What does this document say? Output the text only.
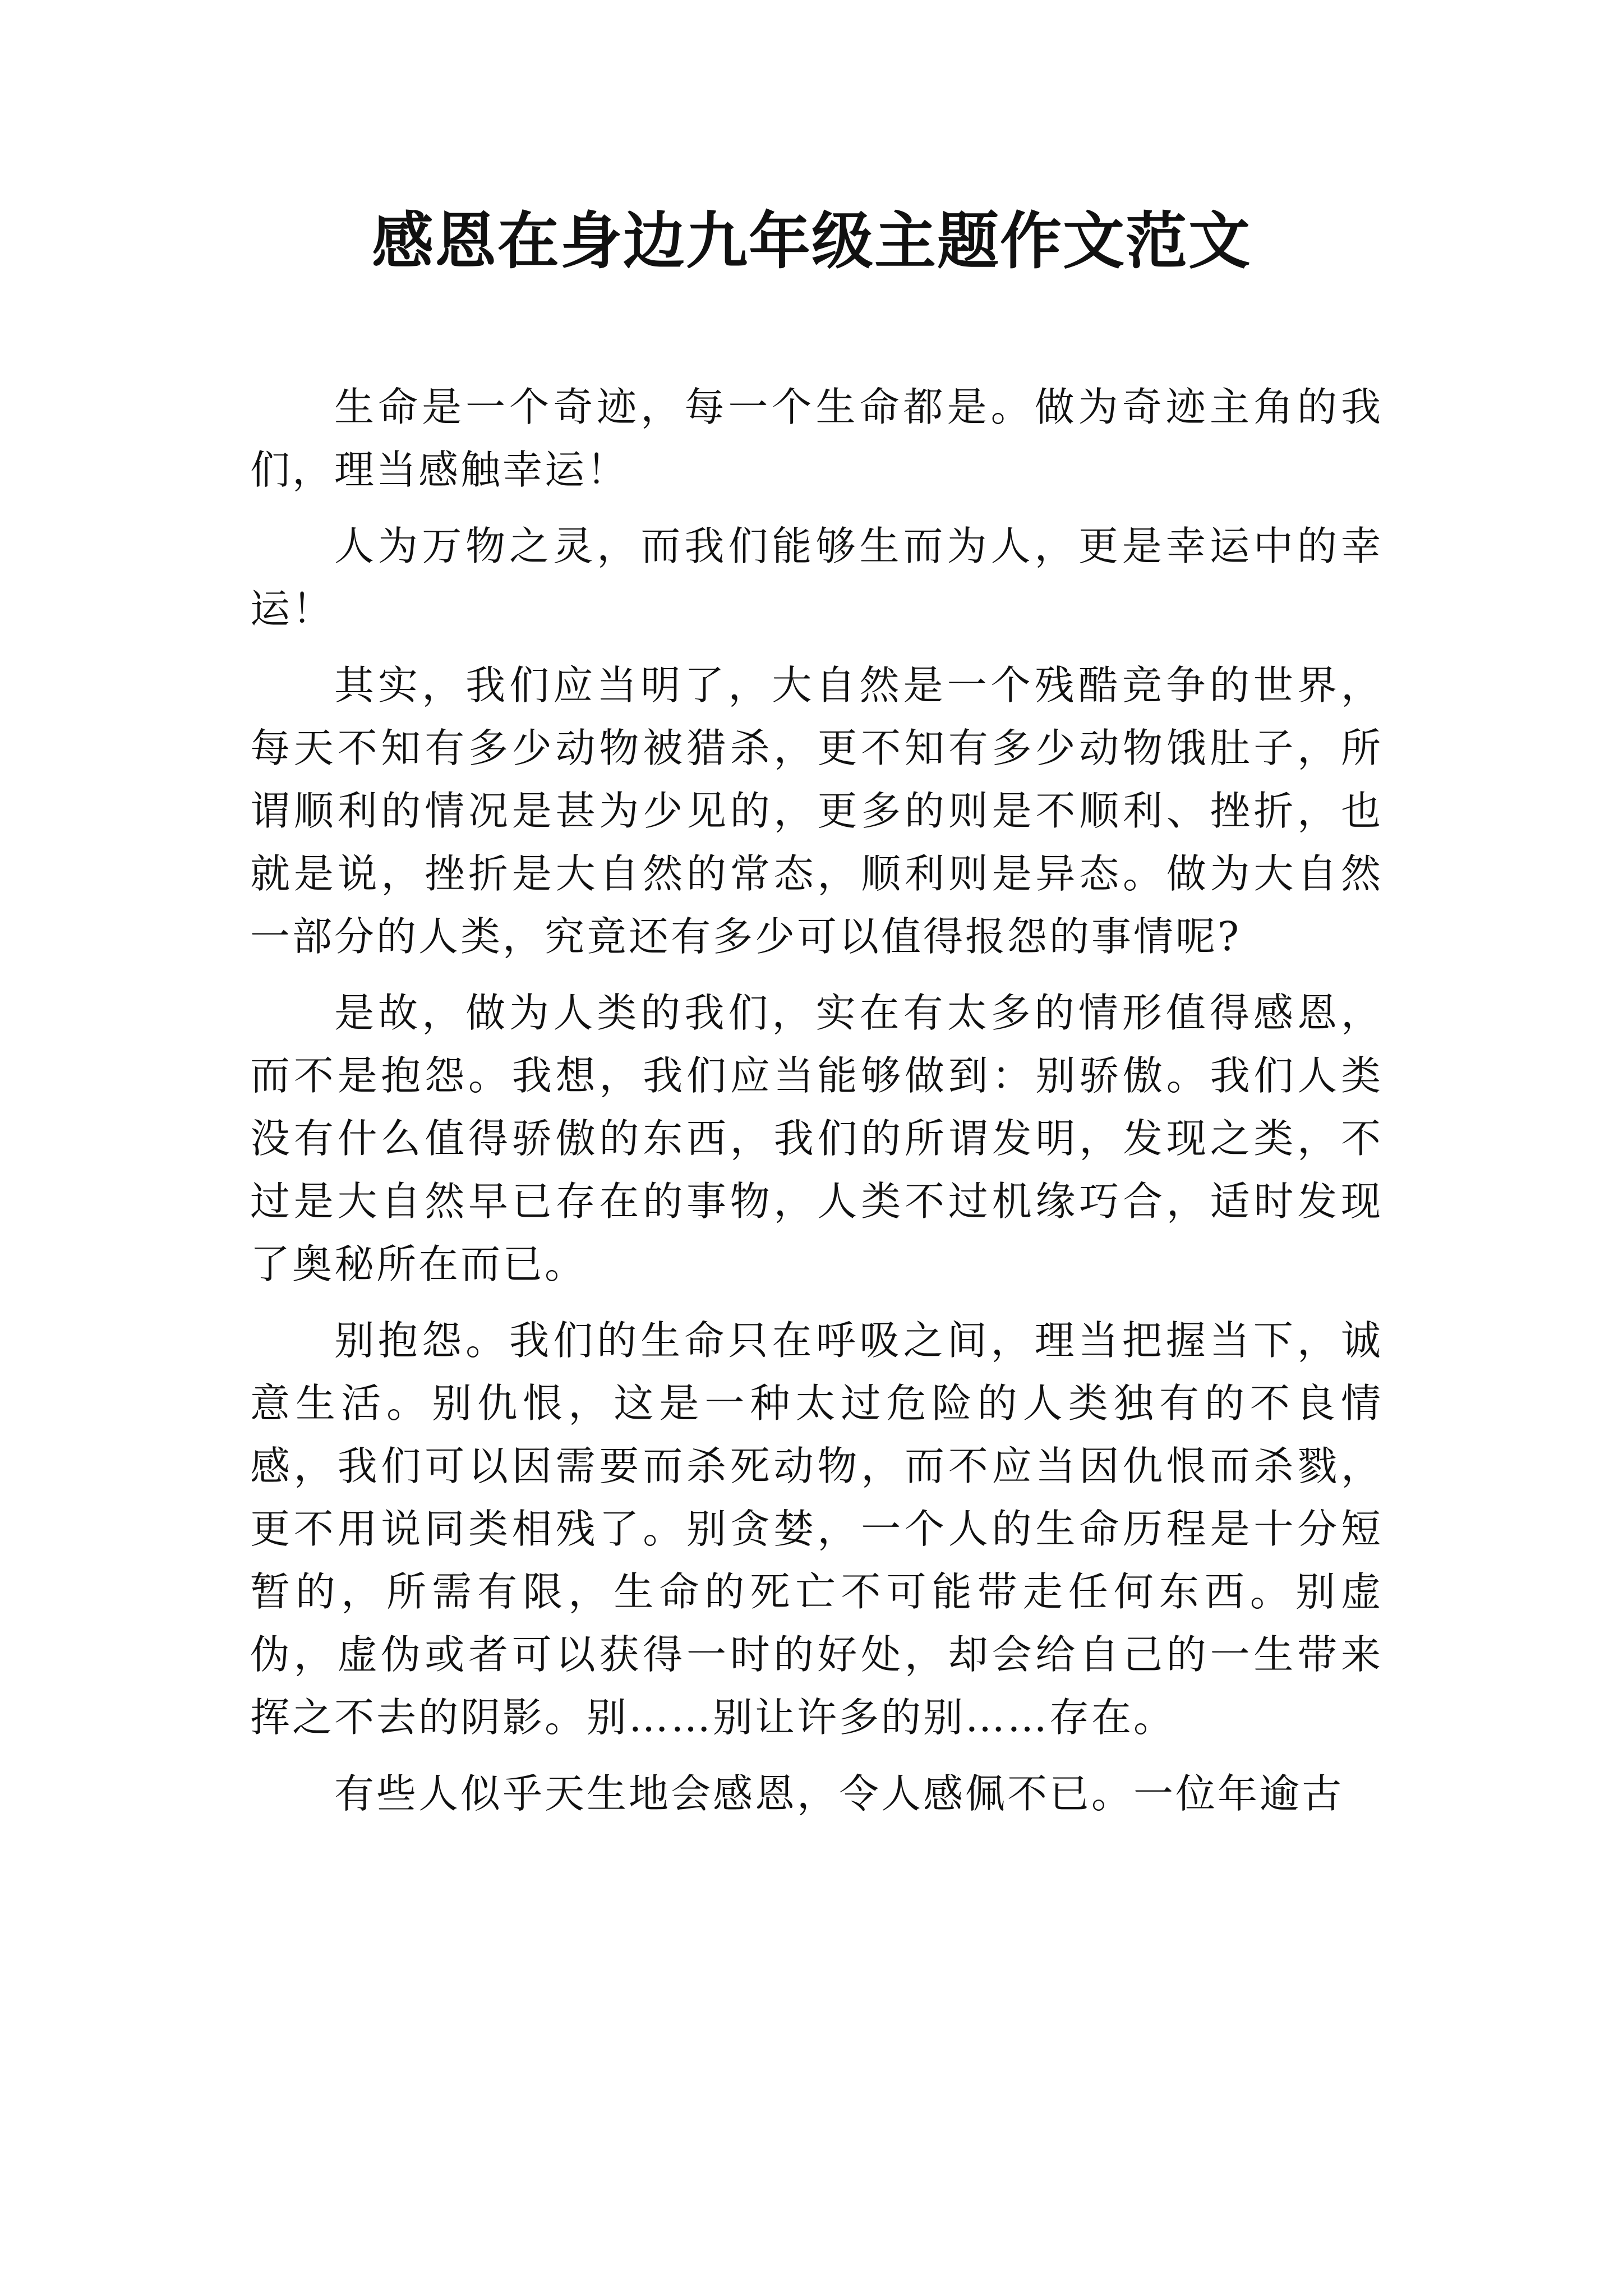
感恩在身边九年级主题作文范文

生命是一个奇迹，每一个生命都是。做为奇迹主角的我们，理当感触幸运！

人为万物之灵，而我们能够生而为人，更是幸运中的幸运！

其实，我们应当明了，大自然是一个残酷竞争的世界，每天不知有多少动物被猎杀，更不知有多少动物饿肚子，所谓顺利的情况是甚为少见的，更多的则是不顺利、挫折，也就是说，挫折是大自然的常态，顺利则是异态。做为大自然一部分的人类，究竟还有多少可以值得报怨的事情呢?

是故，做为人类的我们，实在有太多的情形值得感恩，而不是抱怨。我想，我们应当能够做到：别骄傲。我们人类没有什么值得骄傲的东西，我们的所谓发明，发现之类，不过是大自然早已存在的事物，人类不过机缘巧合，适时发现了奥秘所在而已。

别抱怨。我们的生命只在呼吸之间，理当把握当下，诚意生活。别仇恨，这是一种太过危险的人类独有的不良情感，我们可以因需要而杀死动物，而不应当因仇恨而杀戮，更不用说同类相残了。别贪婪，一个人的生命历程是十分短暂的，所需有限，生命的死亡不可能带走任何东西。别虚伪，虚伪或者可以获得一时的好处，却会给自己的一生带来挥之不去的阴影。别……别让许多的别……存在。

有些人似乎天生地会感恩，令人感佩不已。一位年逾古
